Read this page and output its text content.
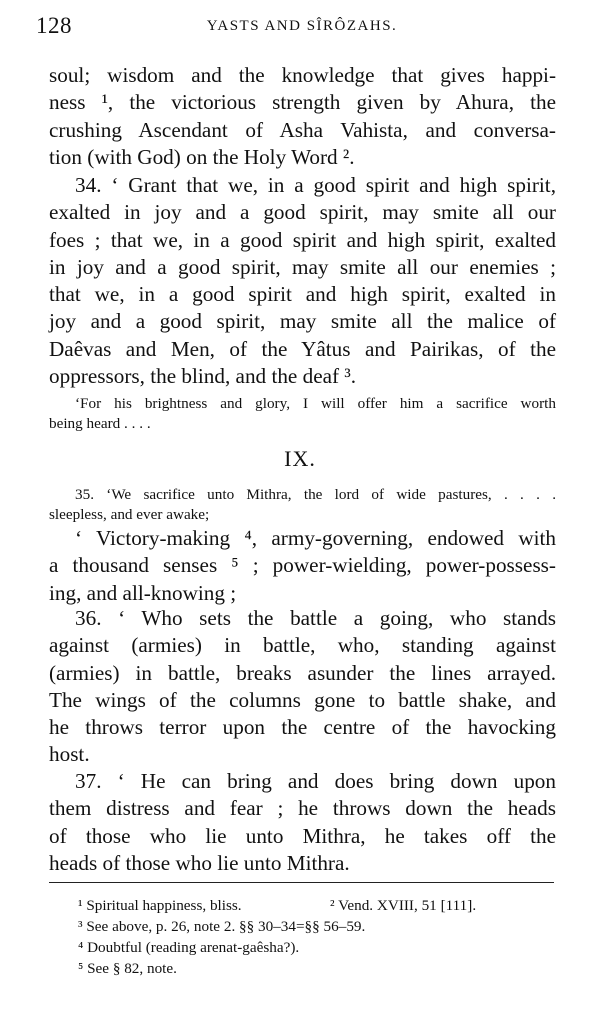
128	YASTS AND SÎRÔZAHS.
soul; wisdom and the knowledge that gives happi-
ness ¹, the victorious strength given by Ahura, the
crushing Ascendant of Asha Vahista, and conversa-
tion (with God) on the Holy Word ².
34. ‘ Grant that we, in a good spirit and high spirit,
exalted in joy and a good spirit, may smite all our
foes ; that we, in a good spirit and high spirit, exalted
in joy and a good spirit, may smite all our enemies ;
that we, in a good spirit and high spirit, exalted in
joy and a good spirit, may smite all the malice of
Daêvas and Men, of the Yâtus and Pairikas, of the
oppressors, the blind, and the deaf ³.
‘For his brightness and glory, I will offer him a sacrifice worth
being heard . . . .
IX.
35. ‘We sacrifice unto Mithra, the lord of wide pastures, . . . .
sleepless, and ever awake;
‘ Victory-making ⁴, army-governing, endowed with
a thousand senses ⁵ ; power-wielding, power-possess-
ing, and all-knowing ;
36. ‘ Who sets the battle a going, who stands
against (armies) in battle, who, standing against
(armies) in battle, breaks asunder the lines arrayed.
The wings of the columns gone to battle shake, and
he throws terror upon the centre of the havocking
host.
37. ‘ He can bring and does bring down upon
them distress and fear ; he throws down the heads
of those who lie unto Mithra, he takes off the
heads of those who lie unto Mithra.
¹ Spiritual happiness, bliss.	² Vend. XVIII, 51 [111].
³ See above, p. 26, note 2. §§ 30–34=§§ 56–59.
⁴ Doubtful (reading arenat-gaêsha?).
⁵ See § 82, note.
